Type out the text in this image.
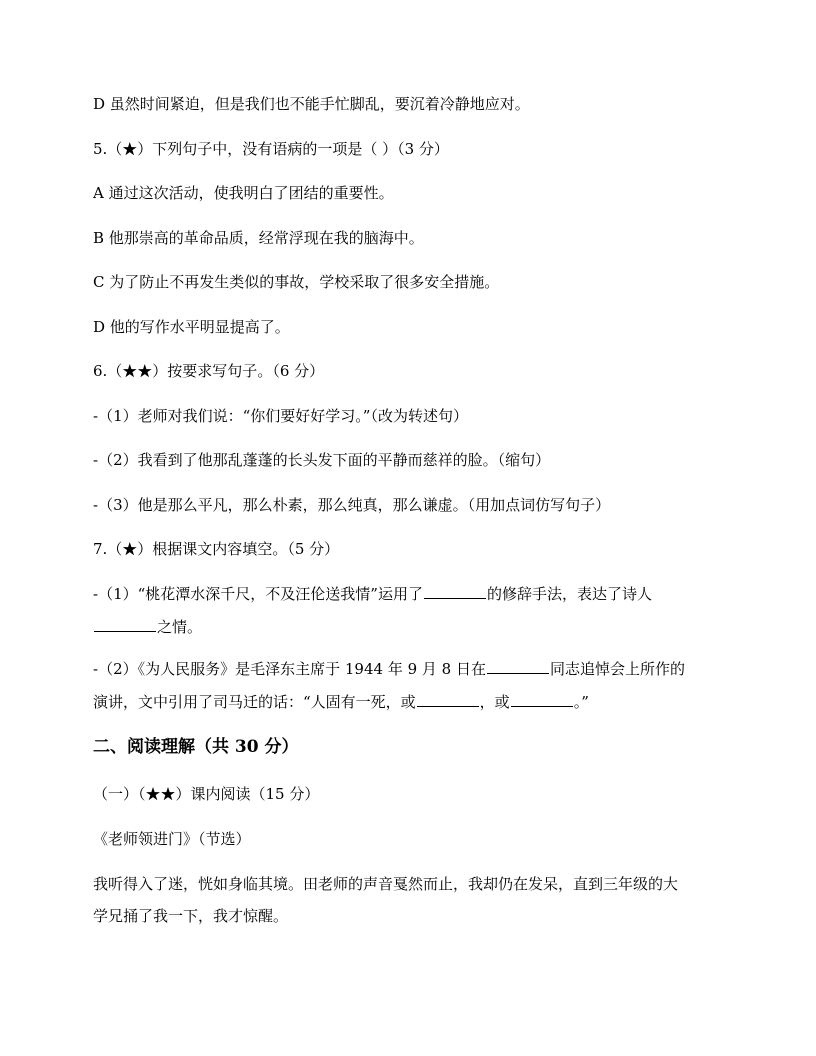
D 虽然时间紧迫，但是我们也不能手忙脚乱，要沉着冷静地应对。
5.（★）下列句子中，没有语病的一项是（ ）（3 分）
A 通过这次活动，使我明白了团结的重要性。
B 他那崇高的革命品质，经常浮现在我的脑海中。
C 为了防止不再发生类似的事故，学校采取了很多安全措施。
D 他的写作水平明显提高了。
6.（★★）按要求写句子。（6 分）
-（1）老师对我们说：“你们要好好学习。”（改为转述句）
-（2）我看到了他那乱蓬蓬的长头发下面的平静而慈祥的脸。（缩句）
-（3）他是那么平凡，那么朴素，那么纯真，那么谦虚。（用加点词仿写句子）
7.（★）根据课文内容填空。（5 分）
-（1）“桃花潭水深千尺，不及汪伦送我情”运用了	的修辞手法，表达了诗人
之情。
-（2）《为人民服务》是毛泽东主席于 1944 年 9 月 8 日在	同志追悼会上所作的
演讲，文中引用了司马迁的话：“人固有一死，或	，或	。”
二、阅读理解（共 30 分）
（一）（★★）课内阅读（15 分）
《老师领进门》（节选）
我听得入了迷，恍如身临其境。田老师的声音戛然而止，我却仍在发呆，直到三年级的大
学兄捅了我一下，我才惊醒。
